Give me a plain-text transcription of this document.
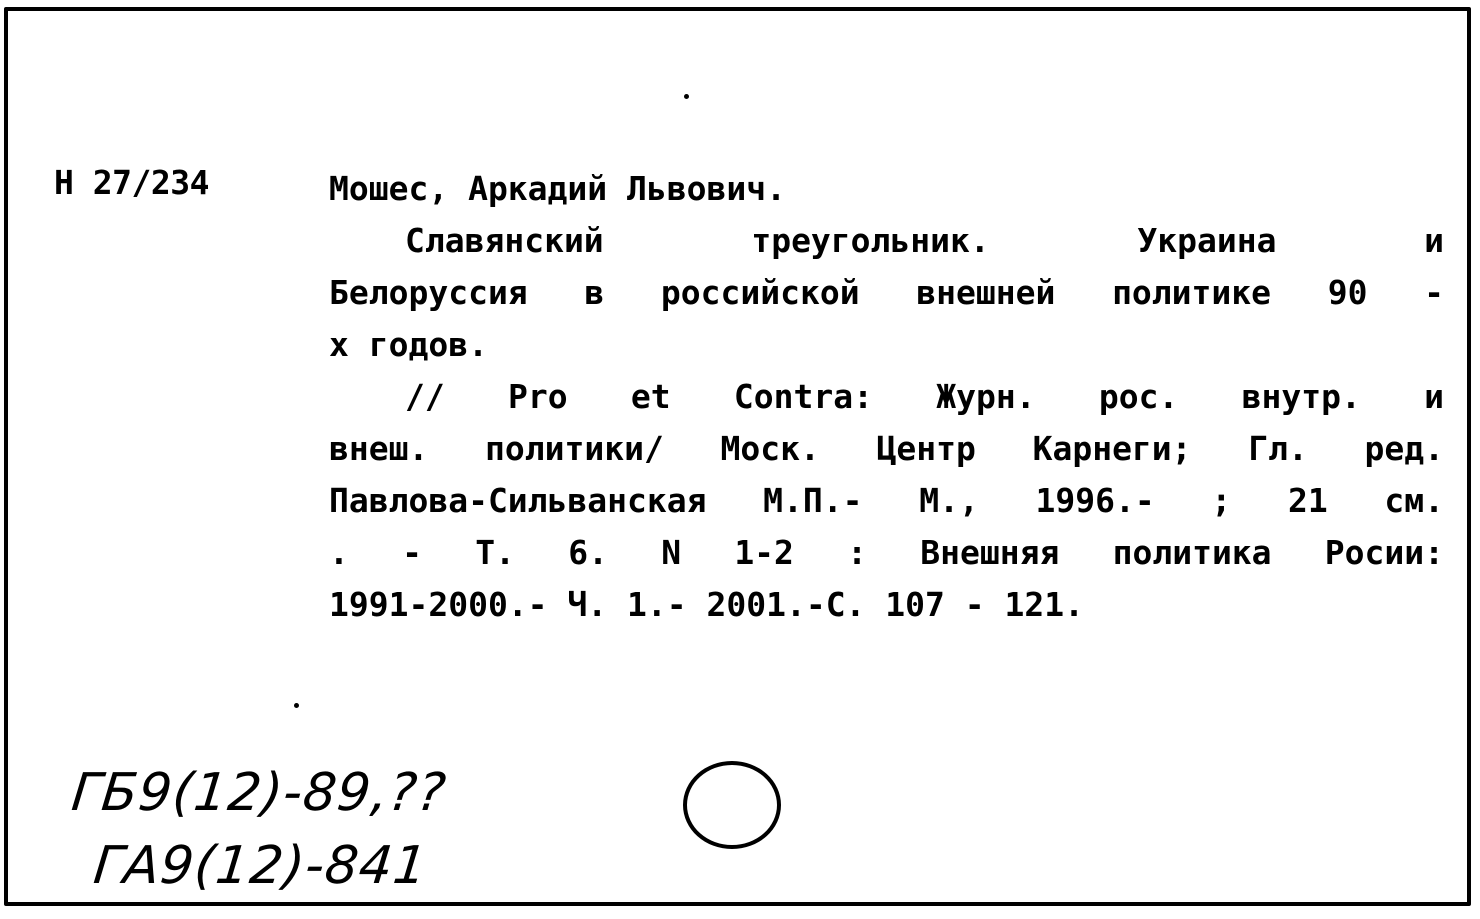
Н 27/234	Мошес, Аркадий Львович.
Славянский треугольник. Украина и
Белоруссия в российской внешней политике 90 -
х годов.
// Pro et Contra: Журн. рос. внутр. и
внеш. политики/ Моск. Центр Карнеги; Гл. ред.
Павлова-Сильванская М.П.- М., 1996.- ; 21 см.
. - Т. 6. N 1-2 : Внешняя политика Росии:
1991-2000.- Ч. 1.- 2001.-С. 107 - 121.
ГБ9(12)-89,??
ГА9(12)-841
